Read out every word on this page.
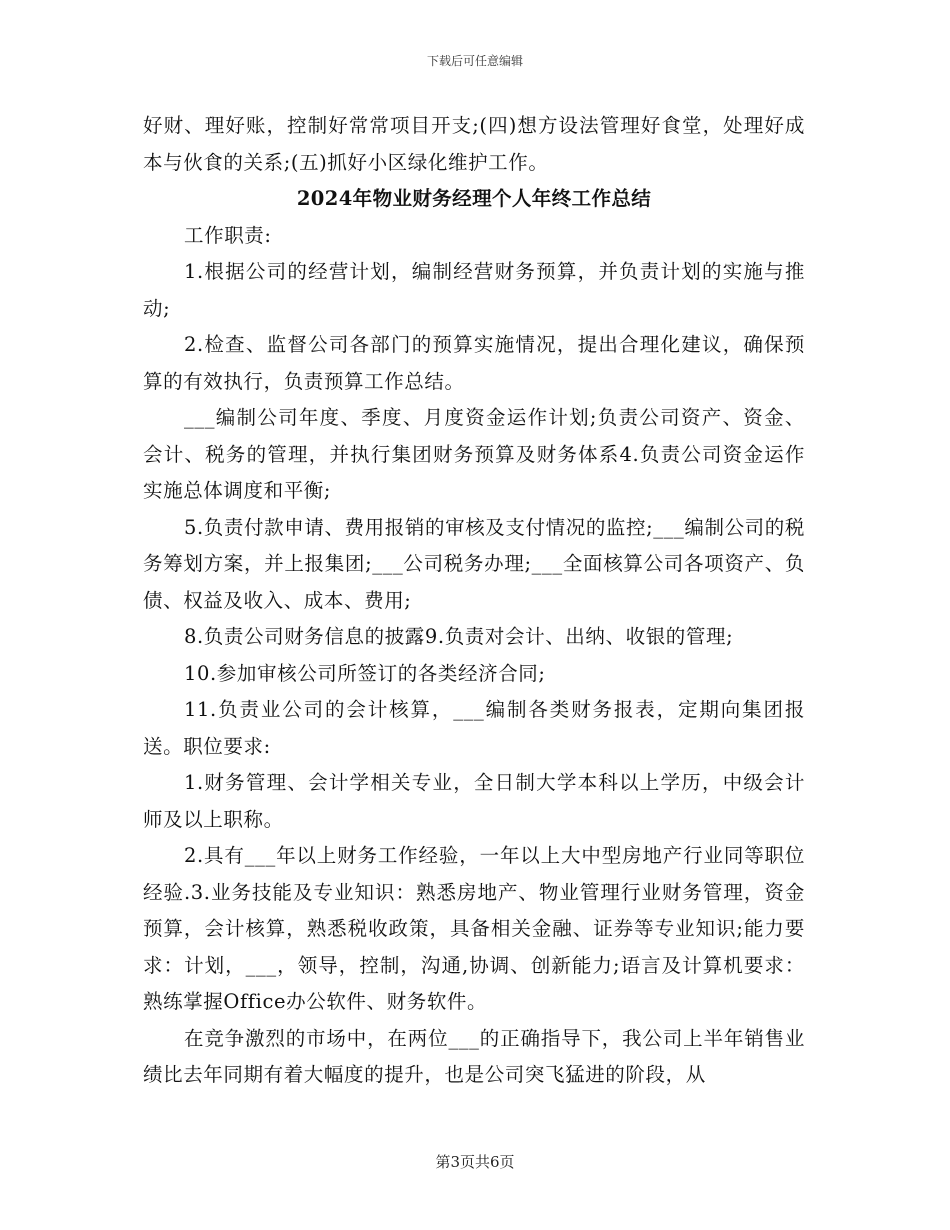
下载后可任意编辑

好财、理好账，控制好常常项目开支;(四)想方设法管理好食堂，处理好成本与伙食的关系;(五)抓好小区绿化维护工作。

2024年物业财务经理个人年终工作总结

工作职责:

1.根据公司的经营计划，编制经营财务预算，并负责计划的实施与推动;

2.检查、监督公司各部门的预算实施情况，提出合理化建议，确保预算的有效执行，负责预算工作总结。

___编制公司年度、季度、月度资金运作计划;负责公司资产、资金、会计、税务的管理，并执行集团财务预算及财务体系4.负责公司资金运作实施总体调度和平衡;

5.负责付款申请、费用报销的审核及支付情况的监控;___编制公司的税务筹划方案，并上报集团;___公司税务办理;___全面核算公司各项资产、负债、权益及收入、成本、费用;

8.负责公司财务信息的披露9.负责对会计、出纳、收银的管理;

10.参加审核公司所签订的各类经济合同;

11.负责业公司的会计核算，___编制各类财务报表，定期向集团报送。职位要求:

1.财务管理、会计学相关专业，全日制大学本科以上学历，中级会计师及以上职称。

2.具有___年以上财务工作经验，一年以上大中型房地产行业同等职位经验.3.业务技能及专业知识：熟悉房地产、物业管理行业财务管理，资金预算，会计核算，熟悉税收政策，具备相关金融、证券等专业知识;能力要求：计划，___，领导，控制，沟通,协调、创新能力;语言及计算机要求：熟练掌握Office办公软件、财务软件。

在竞争激烈的市场中，在两位___的正确指导下，我公司上半年销售业绩比去年同期有着大幅度的提升，也是公司突飞猛进的阶段，从

第3页共6页
